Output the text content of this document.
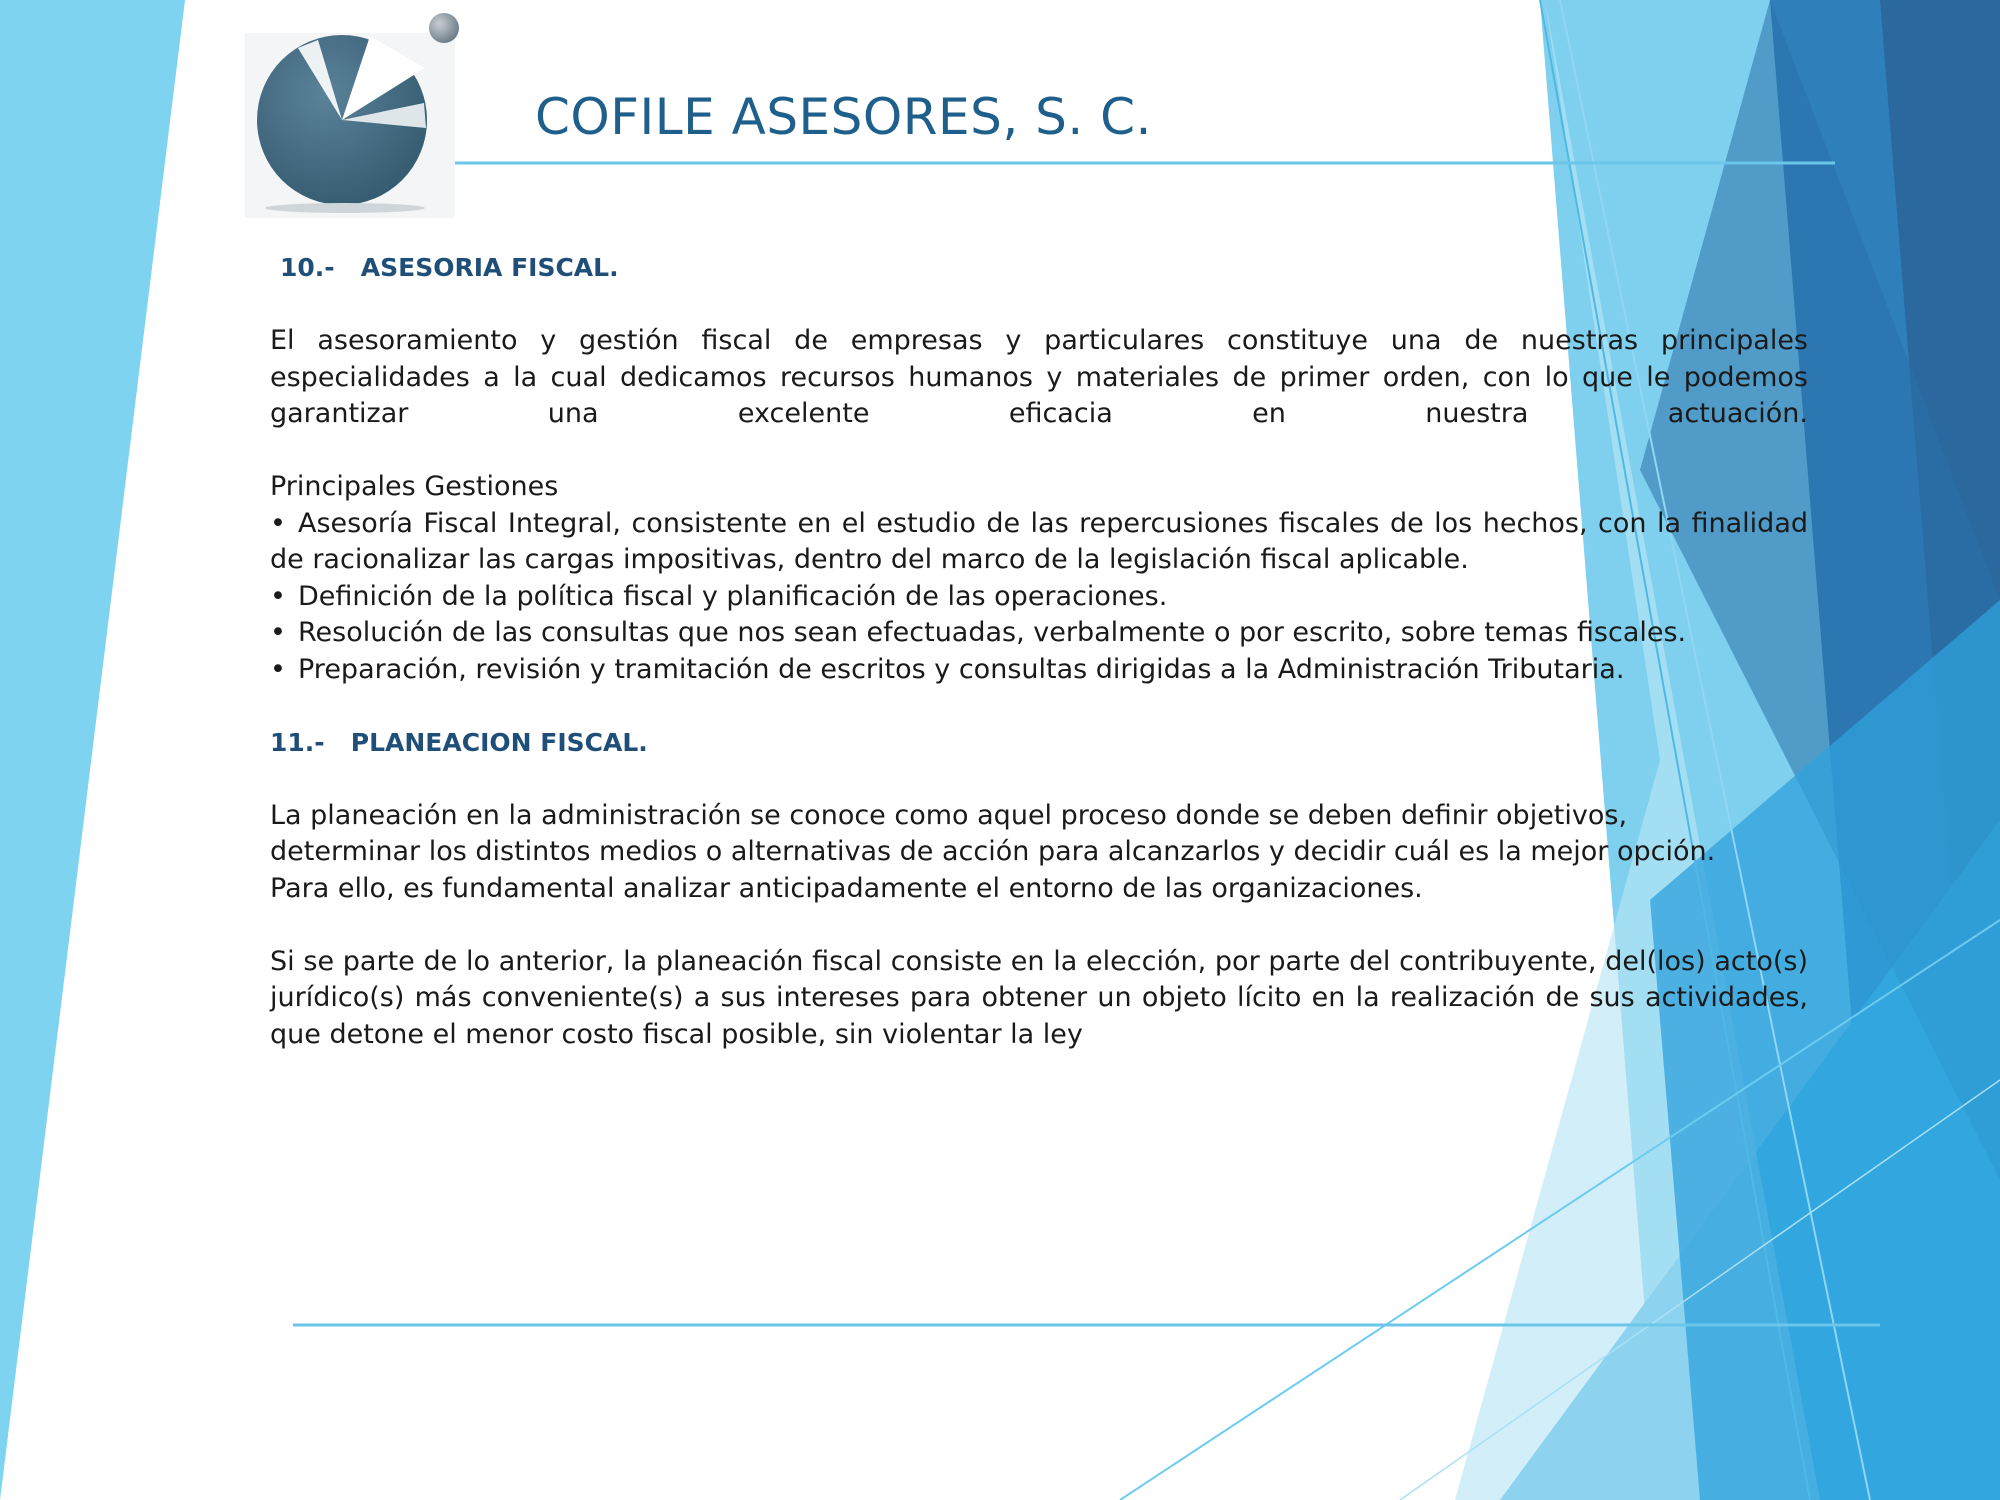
COFILE ASESORES, S. C.

10.-   ASESORIA FISCAL.

El asesoramiento y gestión fiscal de empresas y particulares constituye una de nuestras principales especialidades a la cual dedicamos recursos humanos y materiales de primer orden, con lo que le podemos garantizar una excelente eficacia en nuestra actuación.

Principales Gestiones

• Asesoría Fiscal Integral, consistente en el estudio de las repercusiones fiscales de los hechos, con la finalidad de racionalizar las cargas impositivas, dentro del marco de la legislación fiscal aplicable.
• Definición de la política fiscal y planificación de las operaciones.
• Resolución de las consultas que nos sean efectuadas, verbalmente o por escrito, sobre temas fiscales.
• Preparación, revisión y tramitación de escritos y consultas dirigidas a la Administración Tributaria.

11.-   PLANEACION FISCAL.

La planeación en la administración se conoce como aquel proceso donde se deben definir objetivos,

determinar los distintos medios o alternativas de acción para alcanzarlos y decidir cuál es la mejor opción.

Para ello, es fundamental analizar anticipadamente el entorno de las organizaciones.

Si se parte de lo anterior, la planeación fiscal consiste en la elección, por parte del contribuyente, del(los) acto(s) jurídico(s) más conveniente(s) a sus intereses para obtener un objeto lícito en la realización de sus actividades, que detone el menor costo fiscal posible, sin violentar la ley
